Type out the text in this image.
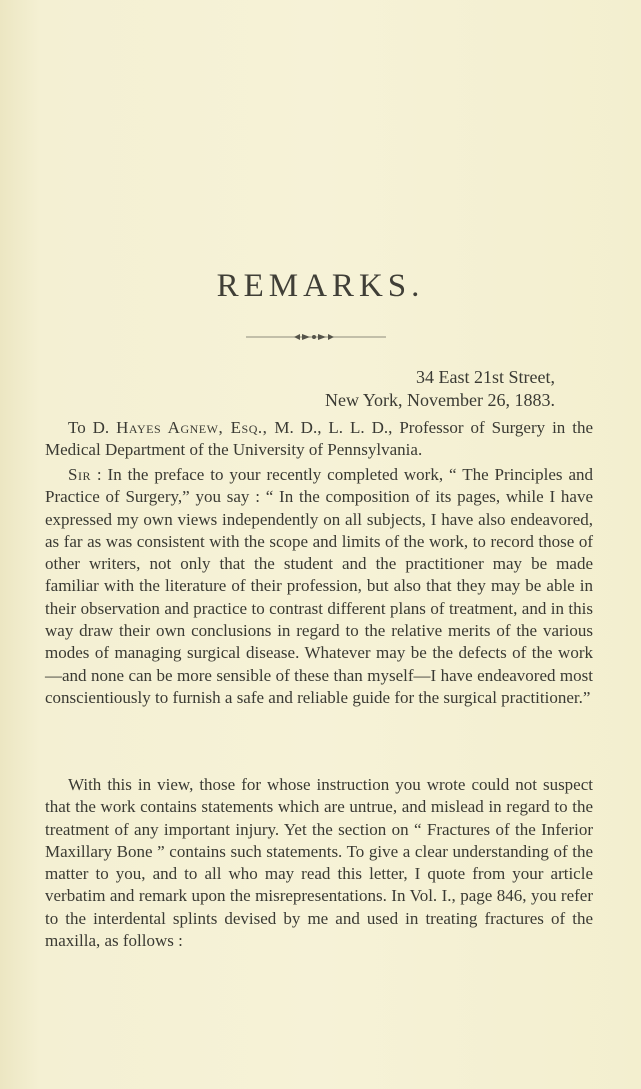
REMARKS.
34 East 21st Street,
New York, November 26, 1883.
To D. Hayes Agnew, Esq., M. D., L. L. D., Professor of Surgery in the Medical Department of the University of Pennsylvania.

Sir : In the preface to your recently completed work, “ The Principles and Practice of Surgery,” you say : “ In the composition of its pages, while I have expressed my own views independently on all subjects, I have also endeavored, as far as was consistent with the scope and limits of the work, to record those of other writers, not only that the student and the practitioner may be made familiar with the literature of their profession, but also that they may be able in their observation and practice to contrast different plans of treatment, and in this way draw their own conclusions in regard to the relative merits of the various modes of managing surgical disease. Whatever may be the defects of the work—and none can be more sensible of these than myself—I have endeavored most conscientiously to furnish a safe and reliable guide for the surgical practitioner.”

With this in view, those for whose instruction you wrote could not suspect that the work contains statements which are untrue, and mislead in regard to the treatment of any important injury. Yet the section on “ Fractures of the Inferior Maxillary Bone ” contains such statements. To give a clear understanding of the matter to you, and to all who may read this letter, I quote from your article verbatim and remark upon the misrepresentations. In Vol. I., page 846, you refer to the interdental splints devised by me and used in treating fractures of the maxilla, as follows :
